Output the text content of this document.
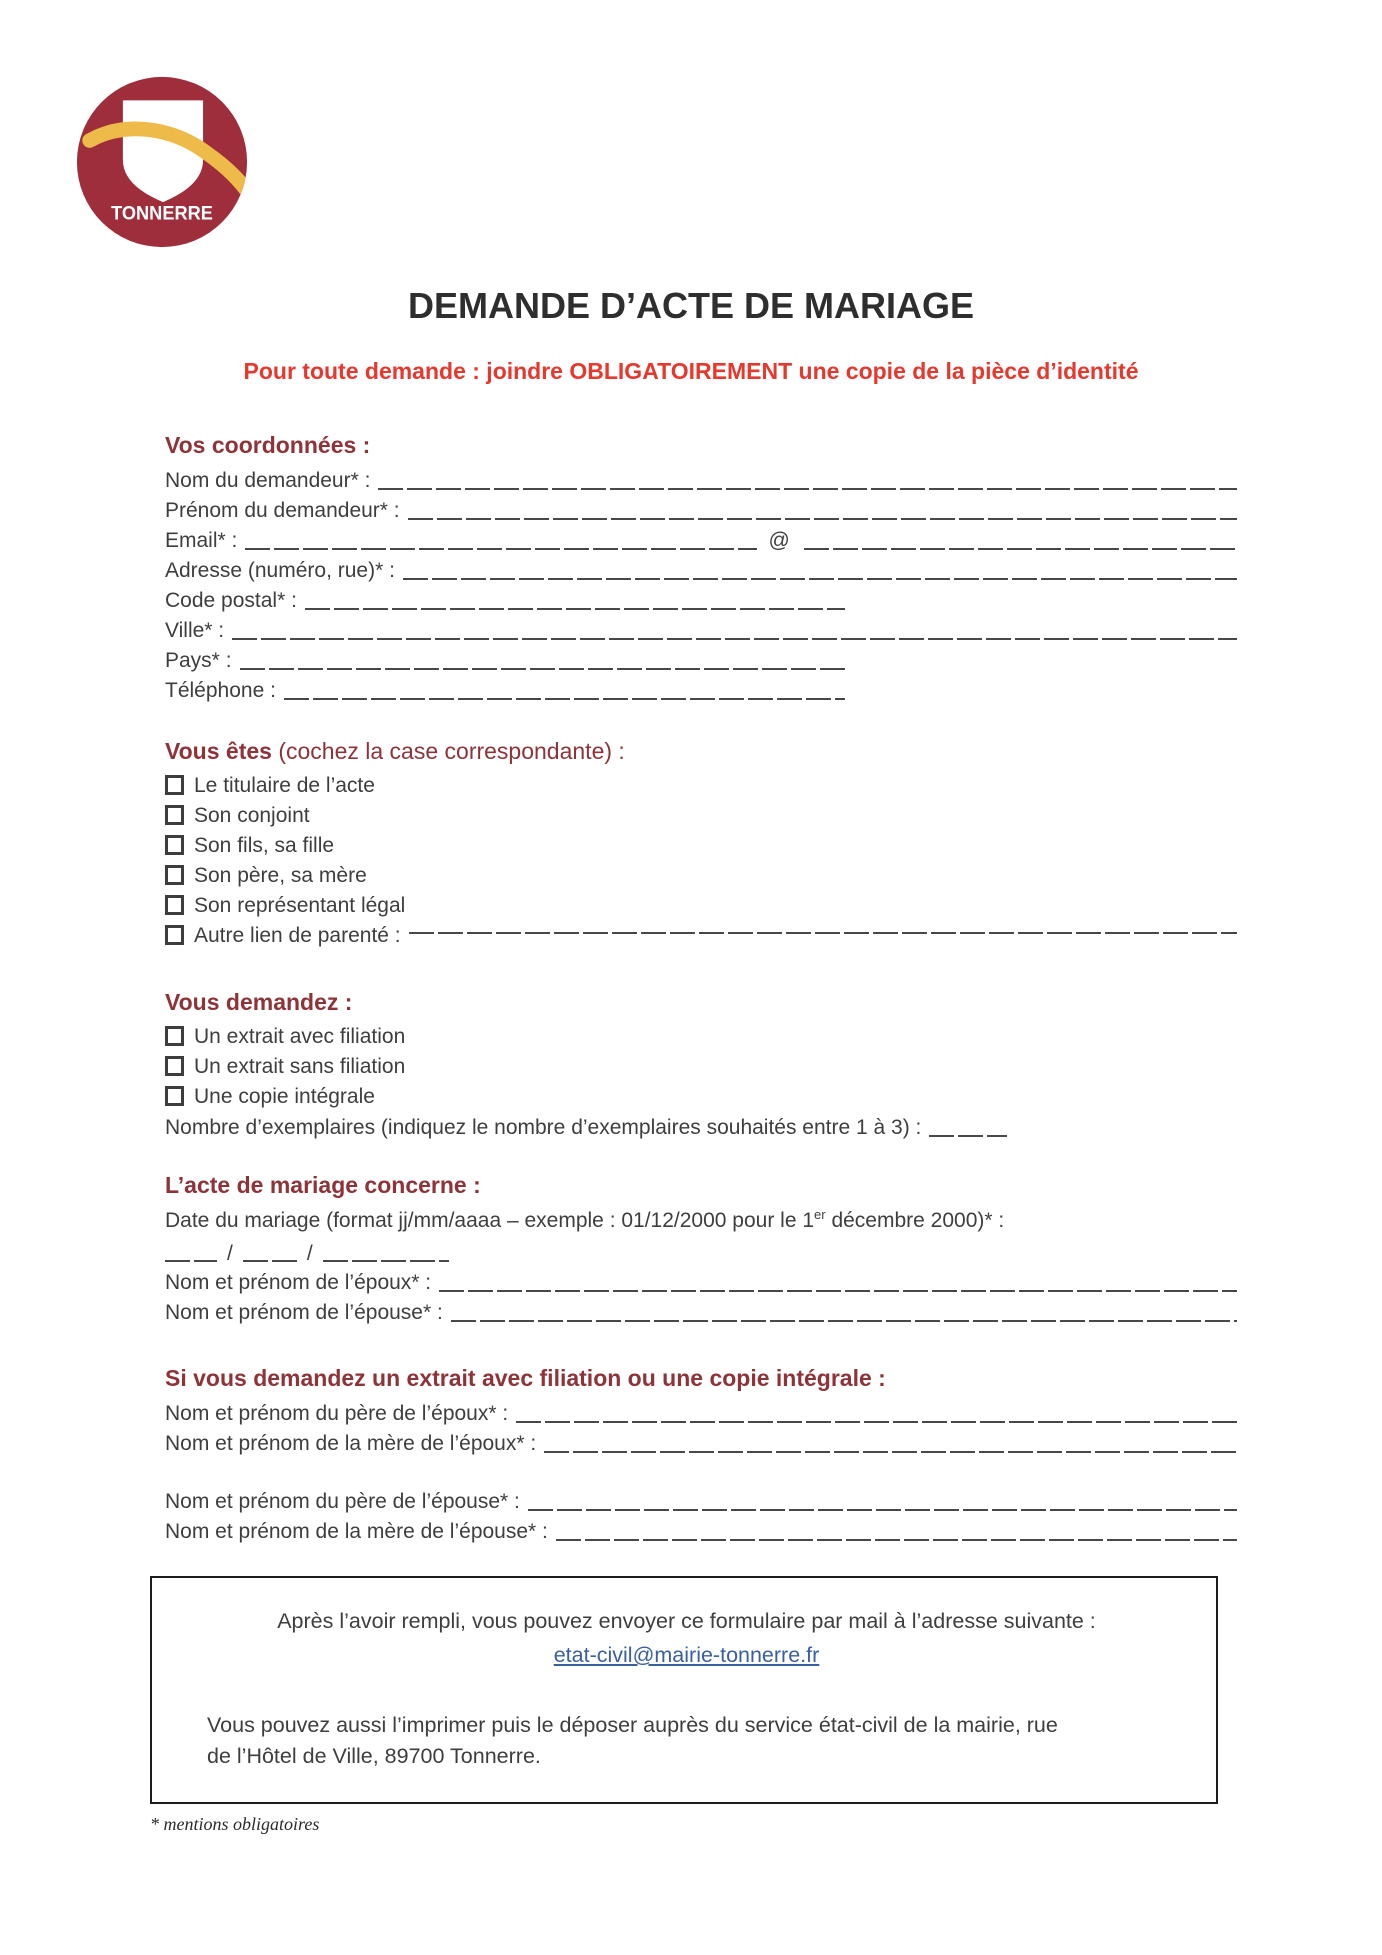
TONNERRE
DEMANDE D’ACTE DE MARIAGE
Pour toute demande : joindre OBLIGATOIREMENT une copie de la pièce d’identité
Vos coordonnées :
Nom du demandeur* :
Prénom du demandeur* :
Email* :	@
Adresse (numéro, rue)* :
Code postal* :
Ville* :
Pays* :
Téléphone :
Vous êtes (cochez la case correspondante) :
Le titulaire de l’acte
Son conjoint
Son fils, sa fille
Son père, sa mère
Son représentant légal
Autre lien de parenté :
Vous demandez :
Un extrait avec filiation
Un extrait sans filiation
Une copie intégrale
Nombre d’exemplaires (indiquez le nombre d’exemplaires souhaités entre 1 à 3) :
L’acte de mariage concerne :
Date du mariage (format jj/mm/aaaa – exemple : 01/12/2000 pour le 1er décembre 2000)* :
/	/
Nom et prénom de l’époux* :
Nom et prénom de l’épouse* :
Si vous demandez un extrait avec filiation ou une copie intégrale :
Nom et prénom du père de l’époux* :
Nom et prénom de la mère de l’époux* :
Nom et prénom du père de l’épouse* :
Nom et prénom de la mère de l’épouse* :
Après l’avoir rempli, vous pouvez envoyer ce formulaire par mail à l’adresse suivante :
etat-civil@mairie-tonnerre.fr
Vous pouvez aussi l’imprimer puis le déposer auprès du service état-civil de la mairie, rue
de l’Hôtel de Ville, 89700 Tonnerre.
* mentions obligatoires
